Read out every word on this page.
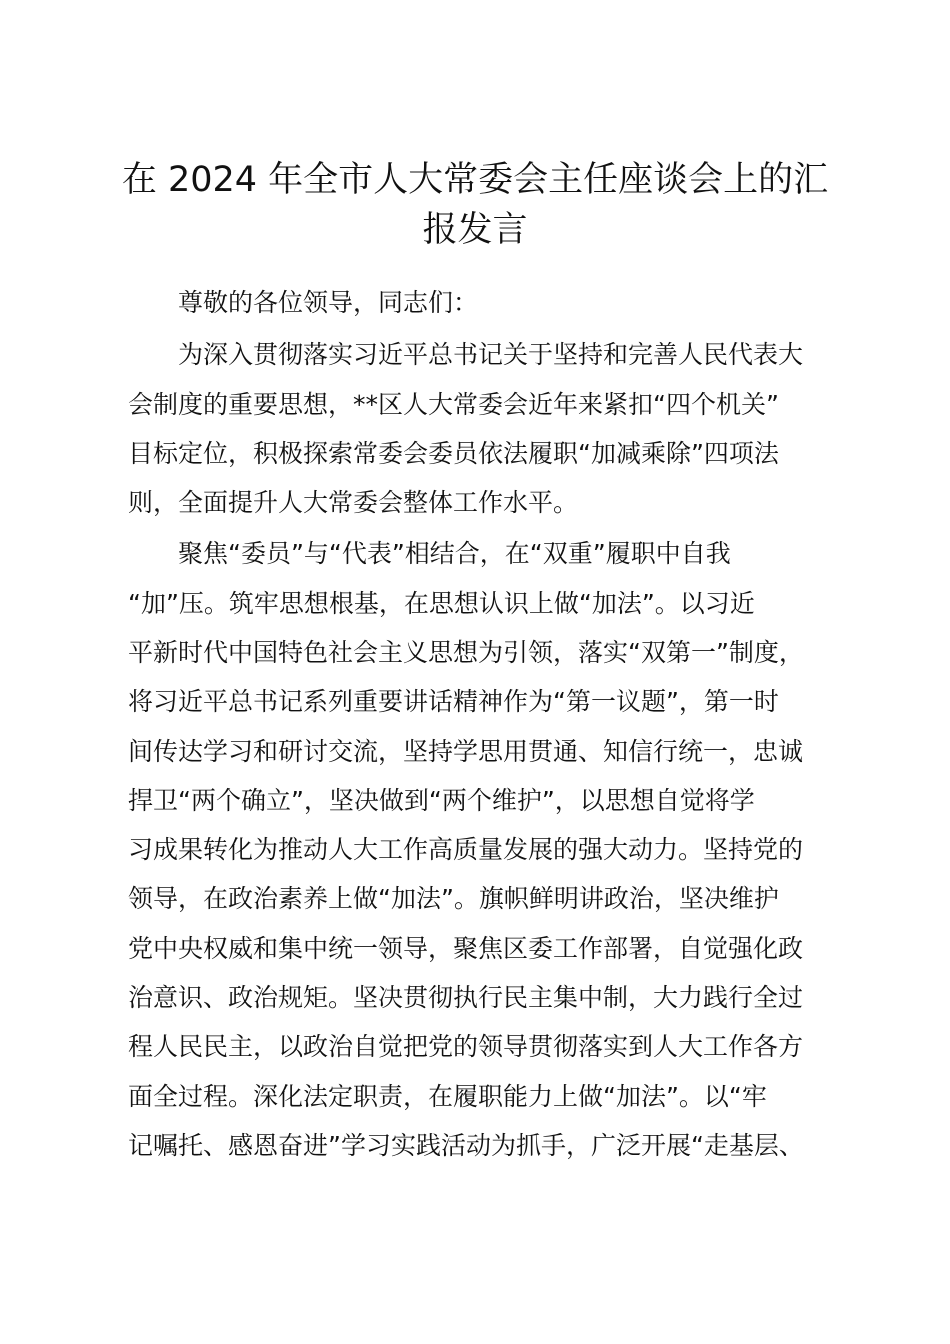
在 2024 年全市人大常委会主任座谈会上的汇
报发言

尊敬的各位领导，同志们：

为深入贯彻落实习近平总书记关于坚持和完善人民代表大

会制度的重要思想，**区人大常委会近年来紧扣“四个机关”

目标定位，积极探索常委会委员依法履职“加减乘除”四项法

则，全面提升人大常委会整体工作水平。

聚焦“委员”与“代表”相结合，在“双重”履职中自我

“加”压。筑牢思想根基，在思想认识上做“加法”。以习近

平新时代中国特色社会主义思想为引领，落实“双第一”制度，

将习近平总书记系列重要讲话精神作为“第一议题”，第一时

间传达学习和研讨交流，坚持学思用贯通、知信行统一，忠诚

捍卫“两个确立”，坚决做到“两个维护”，以思想自觉将学

习成果转化为推动人大工作高质量发展的强大动力。坚持党的

领导，在政治素养上做“加法”。旗帜鲜明讲政治，坚决维护

党中央权威和集中统一领导，聚焦区委工作部署，自觉强化政

治意识、政治规矩。坚决贯彻执行民主集中制，大力践行全过

程人民民主，以政治自觉把党的领导贯彻落实到人大工作各方

面全过程。深化法定职责，在履职能力上做“加法”。以“牢

记嘱托、感恩奋进”学习实践活动为抓手，广泛开展“走基层、
